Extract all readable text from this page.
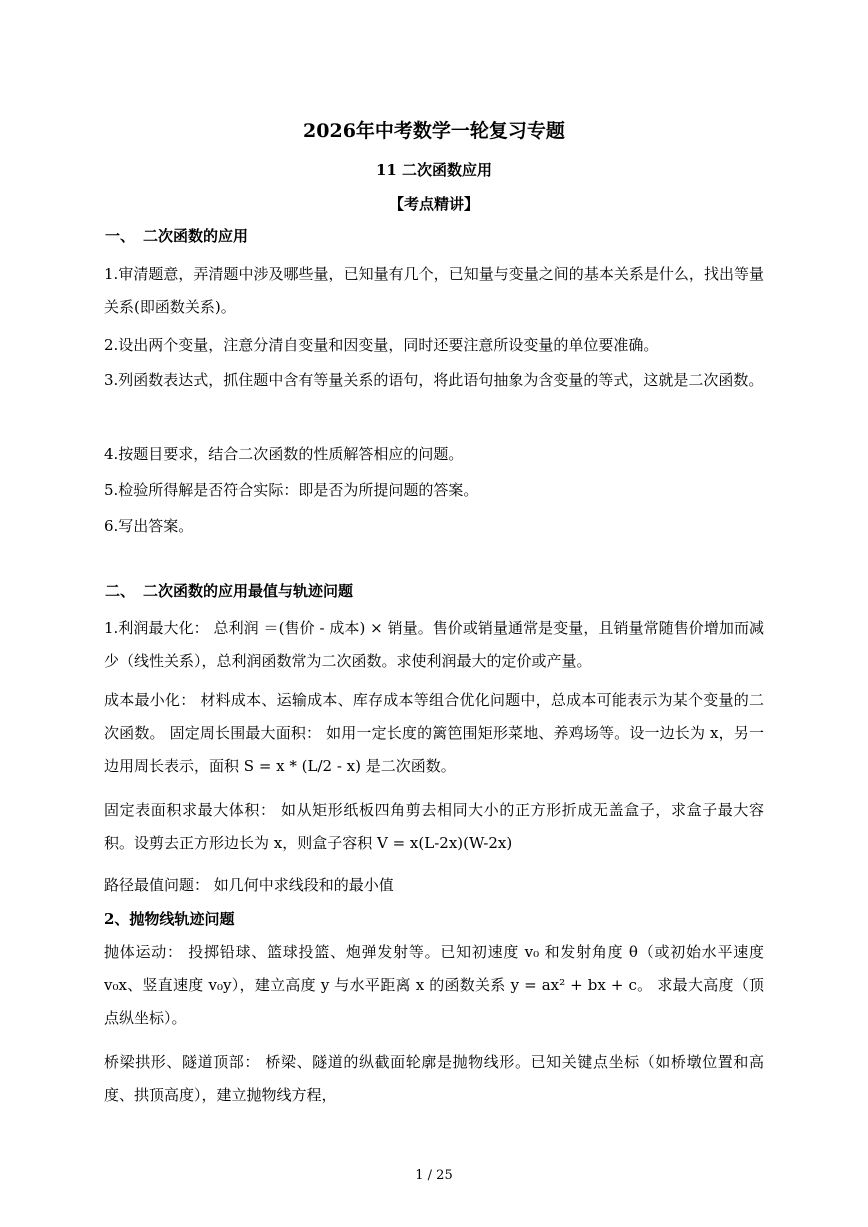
2026年中考数学一轮复习专题
11 二次函数应用
【考点精讲】
一、 二次函数的应用

1.审清题意，弄清题中涉及哪些量，已知量有几个，已知量与变量之间的基本关系是什么，找出等量关系(即函数关系)。

2.设出两个变量，注意分清自变量和因变量，同时还要注意所设变量的单位要准确。

3.列函数表达式，抓住题中含有等量关系的语句，将此语句抽象为含变量的等式，这就是二次函数。

4.按题目要求，结合二次函数的性质解答相应的问题。

5.检验所得解是否符合实际：即是否为所提问题的答案。

6.写出答案。

二、 二次函数的应用最值与轨迹问题

1.利润最大化： 总利润 ＝(售价 - 成本) × 销量。售价或销量通常是变量，且销量常随售价增加而减少（线性关系），总利润函数常为二次函数。求使利润最大的定价或产量。

成本最小化： 材料成本、运输成本、库存成本等组合优化问题中，总成本可能表示为某个变量的二次函数。 固定周长围最大面积： 如用一定长度的篱笆围矩形菜地、养鸡场等。设一边长为 x，另一边用周长表示，面积 S = x * (L/2 - x) 是二次函数。

固定表面积求最大体积： 如从矩形纸板四角剪去相同大小的正方形折成无盖盒子，求盒子最大容积。设剪去正方形边长为 x，则盒子容积 V = x(L-2x)(W-2x)

路径最值问题： 如几何中求线段和的最小值

2、抛物线轨迹问题

抛体运动： 投掷铅球、篮球投篮、炮弹发射等。已知初速度 v₀ 和发射角度 θ（或初始水平速度 v₀x、竖直速度 v₀y），建立高度 y 与水平距离 x 的函数关系 y = ax² + bx + c。 求最大高度（顶点纵坐标）。

桥梁拱形、隧道顶部： 桥梁、隧道的纵截面轮廓是抛物线形。已知关键点坐标（如桥墩位置和高度、拱顶高度），建立抛物线方程，

1 / 25
